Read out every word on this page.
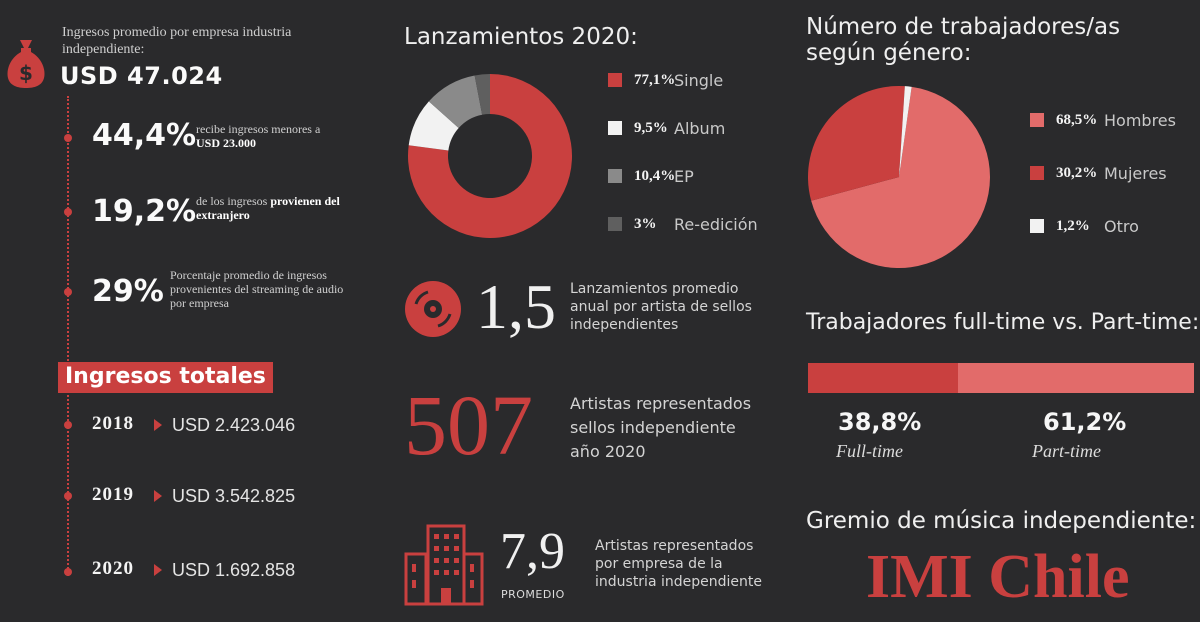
$
Ingresos promedio por empresa industria independiente:
USD 47.024
44,4% recibe ingresos menores a USD 23.000
19,2% de los ingresos provienen del extranjero
29% Porcentaje promedio de ingresos provenientes del streaming de audio por empresa
Ingresos totales
2018 USD 2.423.046
2019 USD 3.542.825
2020 USD 1.692.858
Lanzamientos 2020:
77,1%
Single
9,5% Album
10,4%
EP
3%	Re-edición
1,5 Lanzamientos promedio anual por artista de sellos independientes
507 Artistas representados sellos independiente año 2020
7,9
PROMEDIO
Artistas representados por empresa de la industria independiente
Número de trabajadores/as según género:
68,5% Hombres
30,2% Mujeres
1,2% Otro
Trabajadores full-time vs. Part-time:
38,8%
Full-time
61,2%
Part-time
Gremio de música independiente:
IMI Chile
